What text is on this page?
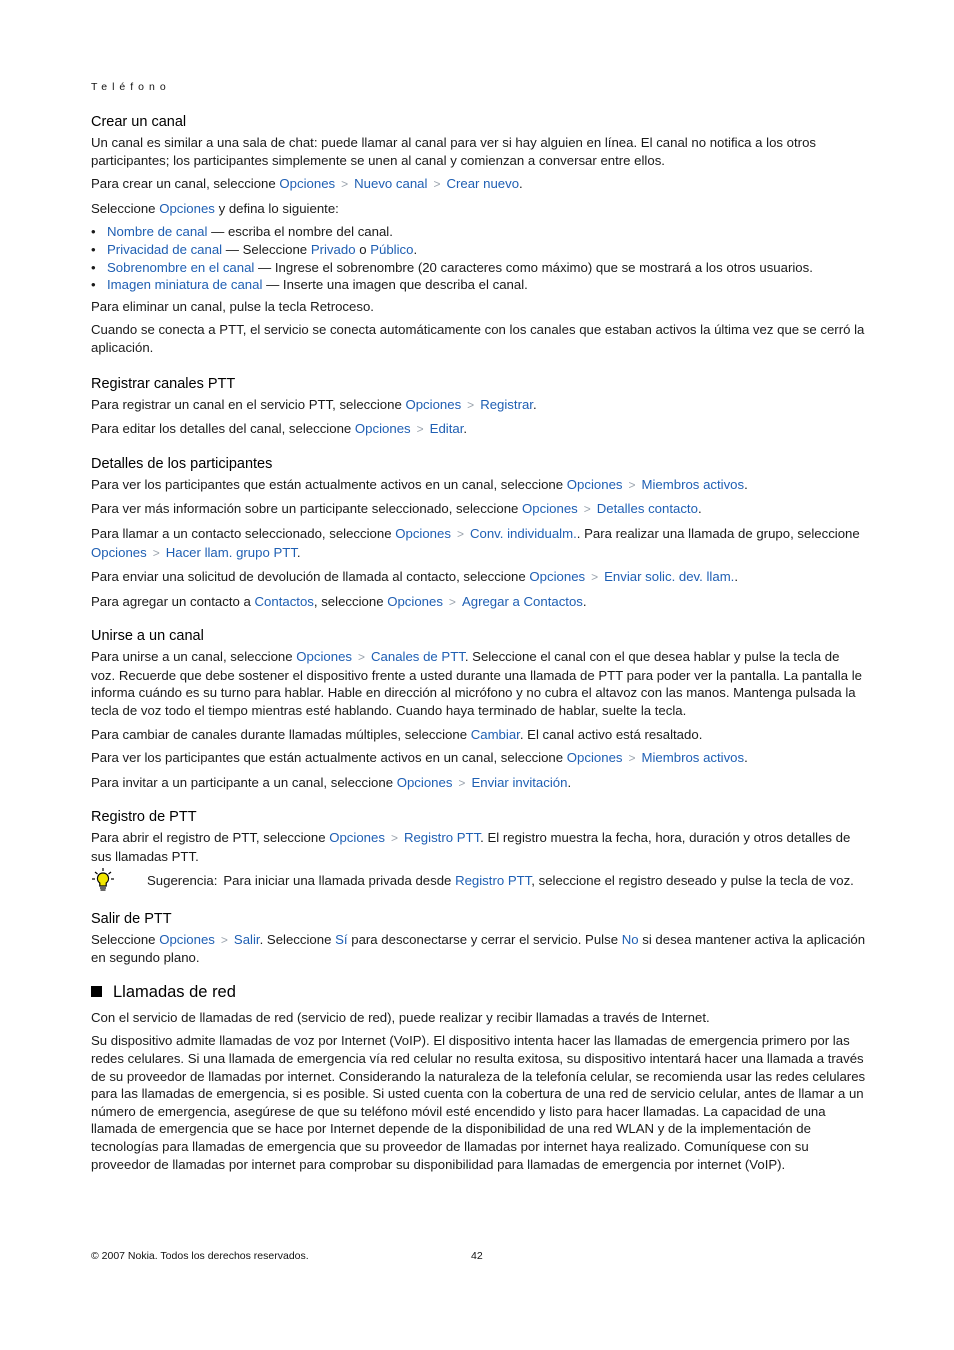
Teléfono
Crear un canal

Un canal es similar a una sala de chat: puede llamar al canal para ver si hay alguien en línea. El canal no notifica a los otros participantes; los participantes simplemente se unen al canal y comienzan a conversar entre ellos.

Para crear un canal, seleccione Opciones > Nuevo canal > Crear nuevo.

Seleccione Opciones y defina lo siguiente:

• Nombre de canal — escriba el nombre del canal.
• Privacidad de canal — Seleccione Privado o Público.
• Sobrenombre en el canal — Ingrese el sobrenombre (20 caracteres como máximo) que se mostrará a los otros usuarios.
• Imagen miniatura de canal — Inserte una imagen que describa el canal.

Para eliminar un canal, pulse la tecla Retroceso.

Cuando se conecta a PTT, el servicio se conecta automáticamente con los canales que estaban activos la última vez que se cerró la aplicación.

Registrar canales PTT

Para registrar un canal en el servicio PTT, seleccione Opciones > Registrar.

Para editar los detalles del canal, seleccione Opciones > Editar.

Detalles de los participantes

Para ver los participantes que están actualmente activos en un canal, seleccione Opciones > Miembros activos.

Para ver más información sobre un participante seleccionado, seleccione Opciones > Detalles contacto.

Para llamar a un contacto seleccionado, seleccione Opciones > Conv. individualm.. Para realizar una llamada de grupo, seleccione Opciones > Hacer llam. grupo PTT.

Para enviar una solicitud de devolución de llamada al contacto, seleccione Opciones > Enviar solic. dev. llam..

Para agregar un contacto a Contactos, seleccione Opciones > Agregar a Contactos.

Unirse a un canal

Para unirse a un canal, seleccione Opciones > Canales de PTT. Seleccione el canal con el que desea hablar y pulse la tecla de voz. Recuerde que debe sostener el dispositivo frente a usted durante una llamada de PTT para poder ver la pantalla. La pantalla le informa cuándo es su turno para hablar. Hable en dirección al micrófono y no cubra el altavoz con las manos. Mantenga pulsada la tecla de voz todo el tiempo mientras esté hablando. Cuando haya terminado de hablar, suelte la tecla.

Para cambiar de canales durante llamadas múltiples, seleccione Cambiar. El canal activo está resaltado.

Para ver los participantes que están actualmente activos en un canal, seleccione Opciones > Miembros activos.

Para invitar a un participante a un canal, seleccione Opciones > Enviar invitación.

Registro de PTT

Para abrir el registro de PTT, seleccione Opciones > Registro PTT. El registro muestra la fecha, hora, duración y otros detalles de sus llamadas PTT.

Sugerencia: Para iniciar una llamada privada desde Registro PTT, seleccione el registro deseado y pulse la tecla de voz.
Salir de PTT

Seleccione Opciones > Salir. Seleccione Sí para desconectarse y cerrar el servicio. Pulse No si desea mantener activa la aplicación en segundo plano.

Llamadas de red

Con el servicio de llamadas de red (servicio de red), puede realizar y recibir llamadas a través de Internet.

Su dispositivo admite llamadas de voz por Internet (VoIP). El dispositivo intenta hacer las llamadas de emergencia primero por las redes celulares. Si una llamada de emergencia vía red celular no resulta exitosa, su dispositivo intentará hacer una llamada a través de su proveedor de llamadas por internet. Considerando la naturaleza de la telefonía celular, se recomienda usar las redes celulares para las llamadas de emergencia, si es posible. Si usted cuenta con la cobertura de una red de servicio celular, antes de llamar a un número de emergencia, asegúrese de que su teléfono móvil esté encendido y listo para hacer llamadas. La capacidad de una llamada de emergencia que se hace por Internet depende de la disponibilidad de una red WLAN y de la implementación de tecnologías para llamadas de emergencia que su proveedor de llamadas por internet haya realizado. Comuníquese con su proveedor de llamadas por internet para comprobar su disponibilidad para llamadas de emergencia por internet (VoIP).

© 2007 Nokia. Todos los derechos reservados.	42
